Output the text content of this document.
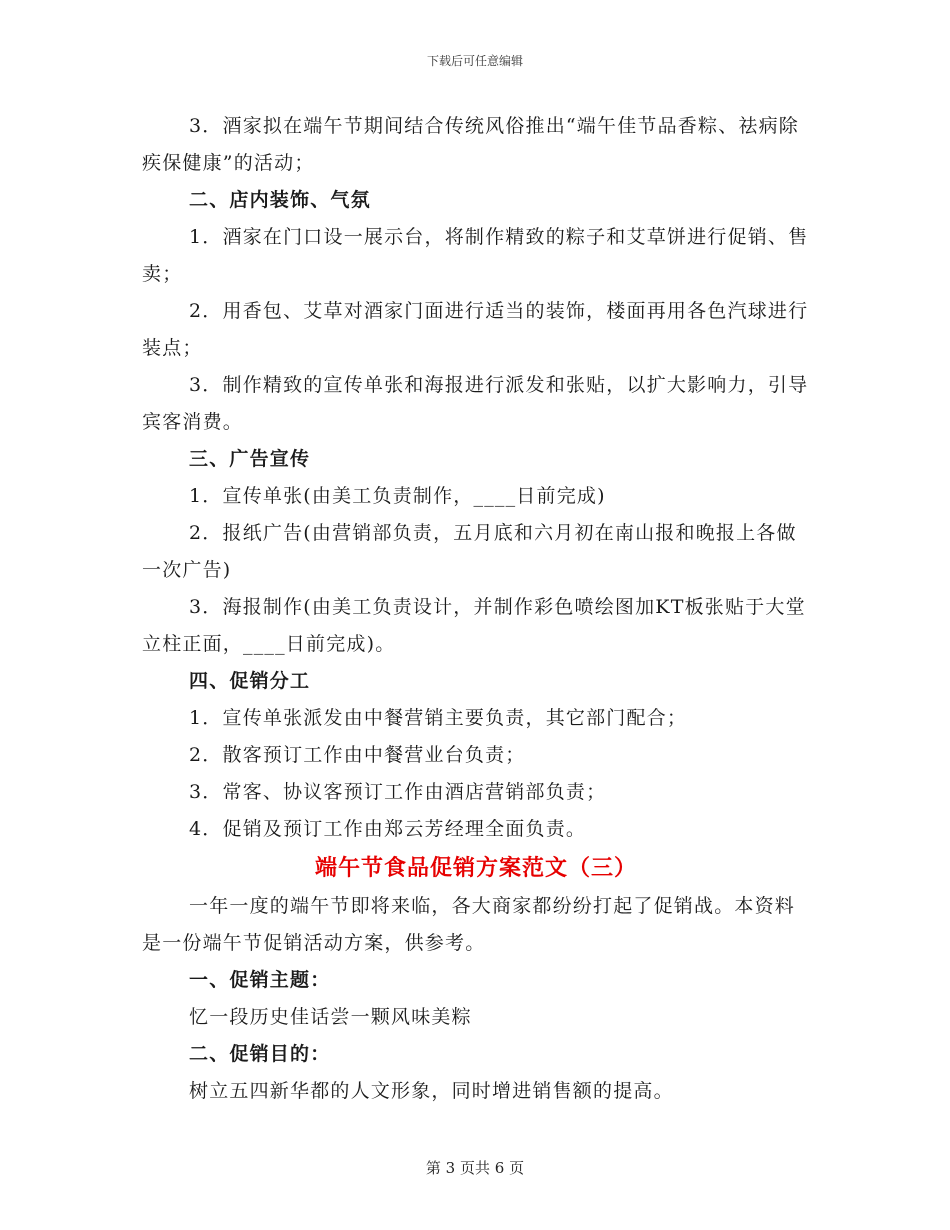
下载后可任意编辑

3．酒家拟在端午节期间结合传统风俗推出“端午佳节品香粽、祛病除疾保健康”的活动；

二、店内装饰、气氛

1．酒家在门口设一展示台，将制作精致的粽子和艾草饼进行促销、售卖；

2．用香包、艾草对酒家门面进行适当的装饰，楼面再用各色汽球进行装点；

3．制作精致的宣传单张和海报进行派发和张贴，以扩大影响力，引导宾客消费。

三、广告宣传

1．宣传单张(由美工负责制作，____日前完成)

2．报纸广告(由营销部负责，五月底和六月初在南山报和晚报上各做一次广告)

3．海报制作(由美工负责设计，并制作彩色喷绘图加KT板张贴于大堂立柱正面，____日前完成)。

四、促销分工

1．宣传单张派发由中餐营销主要负责，其它部门配合；

2．散客预订工作由中餐营业台负责；

3．常客、协议客预订工作由酒店营销部负责；

4．促销及预订工作由郑云芳经理全面负责。

端午节食品促销方案范文（三）

一年一度的端午节即将来临，各大商家都纷纷打起了促销战。本资料是一份端午节促销活动方案，供参考。

一、促销主题：

忆一段历史佳话尝一颗风味美粽

二、促销目的：

树立五四新华都的人文形象，同时增进销售额的提高。

第 3 页共 6 页
